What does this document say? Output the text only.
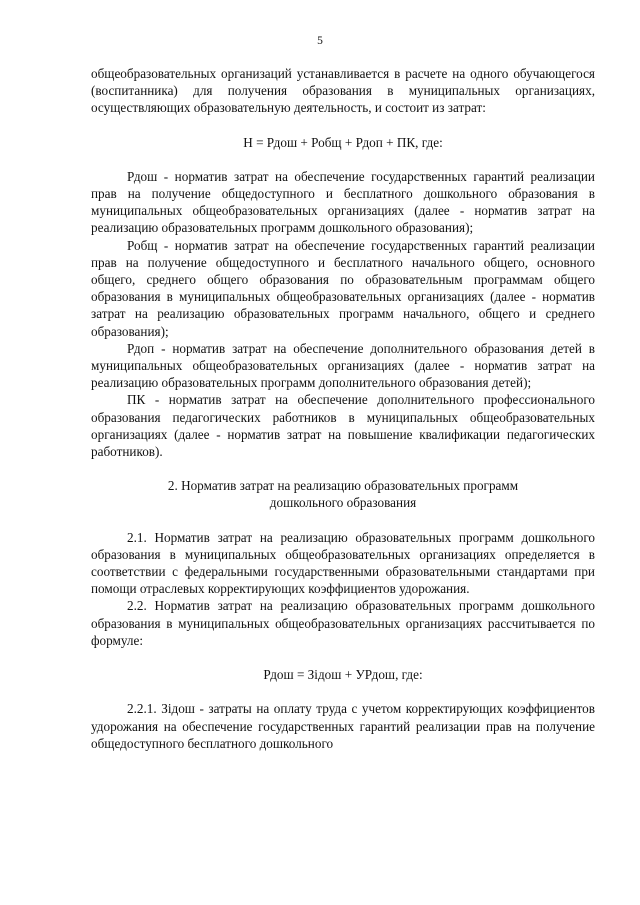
5

общеобразовательных организаций устанавливается в расчете на одного обучающегося (воспитанника) для получения образования в муниципальных организациях, осуществляющих образовательную деятельность, и состоит из затрат:

Н = Рдош + Робщ + Рдоп + ПК, где:

Рдош - норматив затрат на обеспечение государственных гарантий реализации прав на получение общедоступного и бесплатного дошкольного образования в муниципальных общеобразовательных организациях (далее - норматив затрат на реализацию образовательных программ дошкольного образования);

Робщ - норматив затрат на обеспечение государственных гарантий реализации прав на получение общедоступного и бесплатного начального общего, основного общего, среднего общего образования по образовательным программам общего образования в муниципальных общеобразовательных организациях (далее - норматив затрат на реализацию образовательных программ начального, общего и среднего образования);

Рдоп - норматив затрат на обеспечение дополнительного образования детей в муниципальных общеобразовательных организациях (далее - норматив затрат на реализацию образовательных программ дополнительного образования детей);

ПК - норматив затрат на обеспечение дополнительного профессионального образования педагогических работников в муниципальных общеобразовательных организациях (далее - норматив затрат на повышение квалификации педагогических работников).

2. Норматив затрат на реализацию образовательных программ
дошкольного образования

2.1. Норматив затрат на реализацию образовательных программ дошкольного образования в муниципальных общеобразовательных организациях определяется в соответствии с федеральными государственными образовательными стандартами при помощи отраслевых корректирующих коэффициентов удорожания.

2.2. Норматив затрат на реализацию образовательных программ дошкольного образования в муниципальных общеобразовательных организациях рассчитывается по формуле:

Рдош = Зiдош + УРдош, где:

2.2.1. Зiдош - затраты на оплату труда с учетом корректирующих коэффициентов удорожания на обеспечение государственных гарантий реализации прав на получение общедоступного бесплатного дошкольного
